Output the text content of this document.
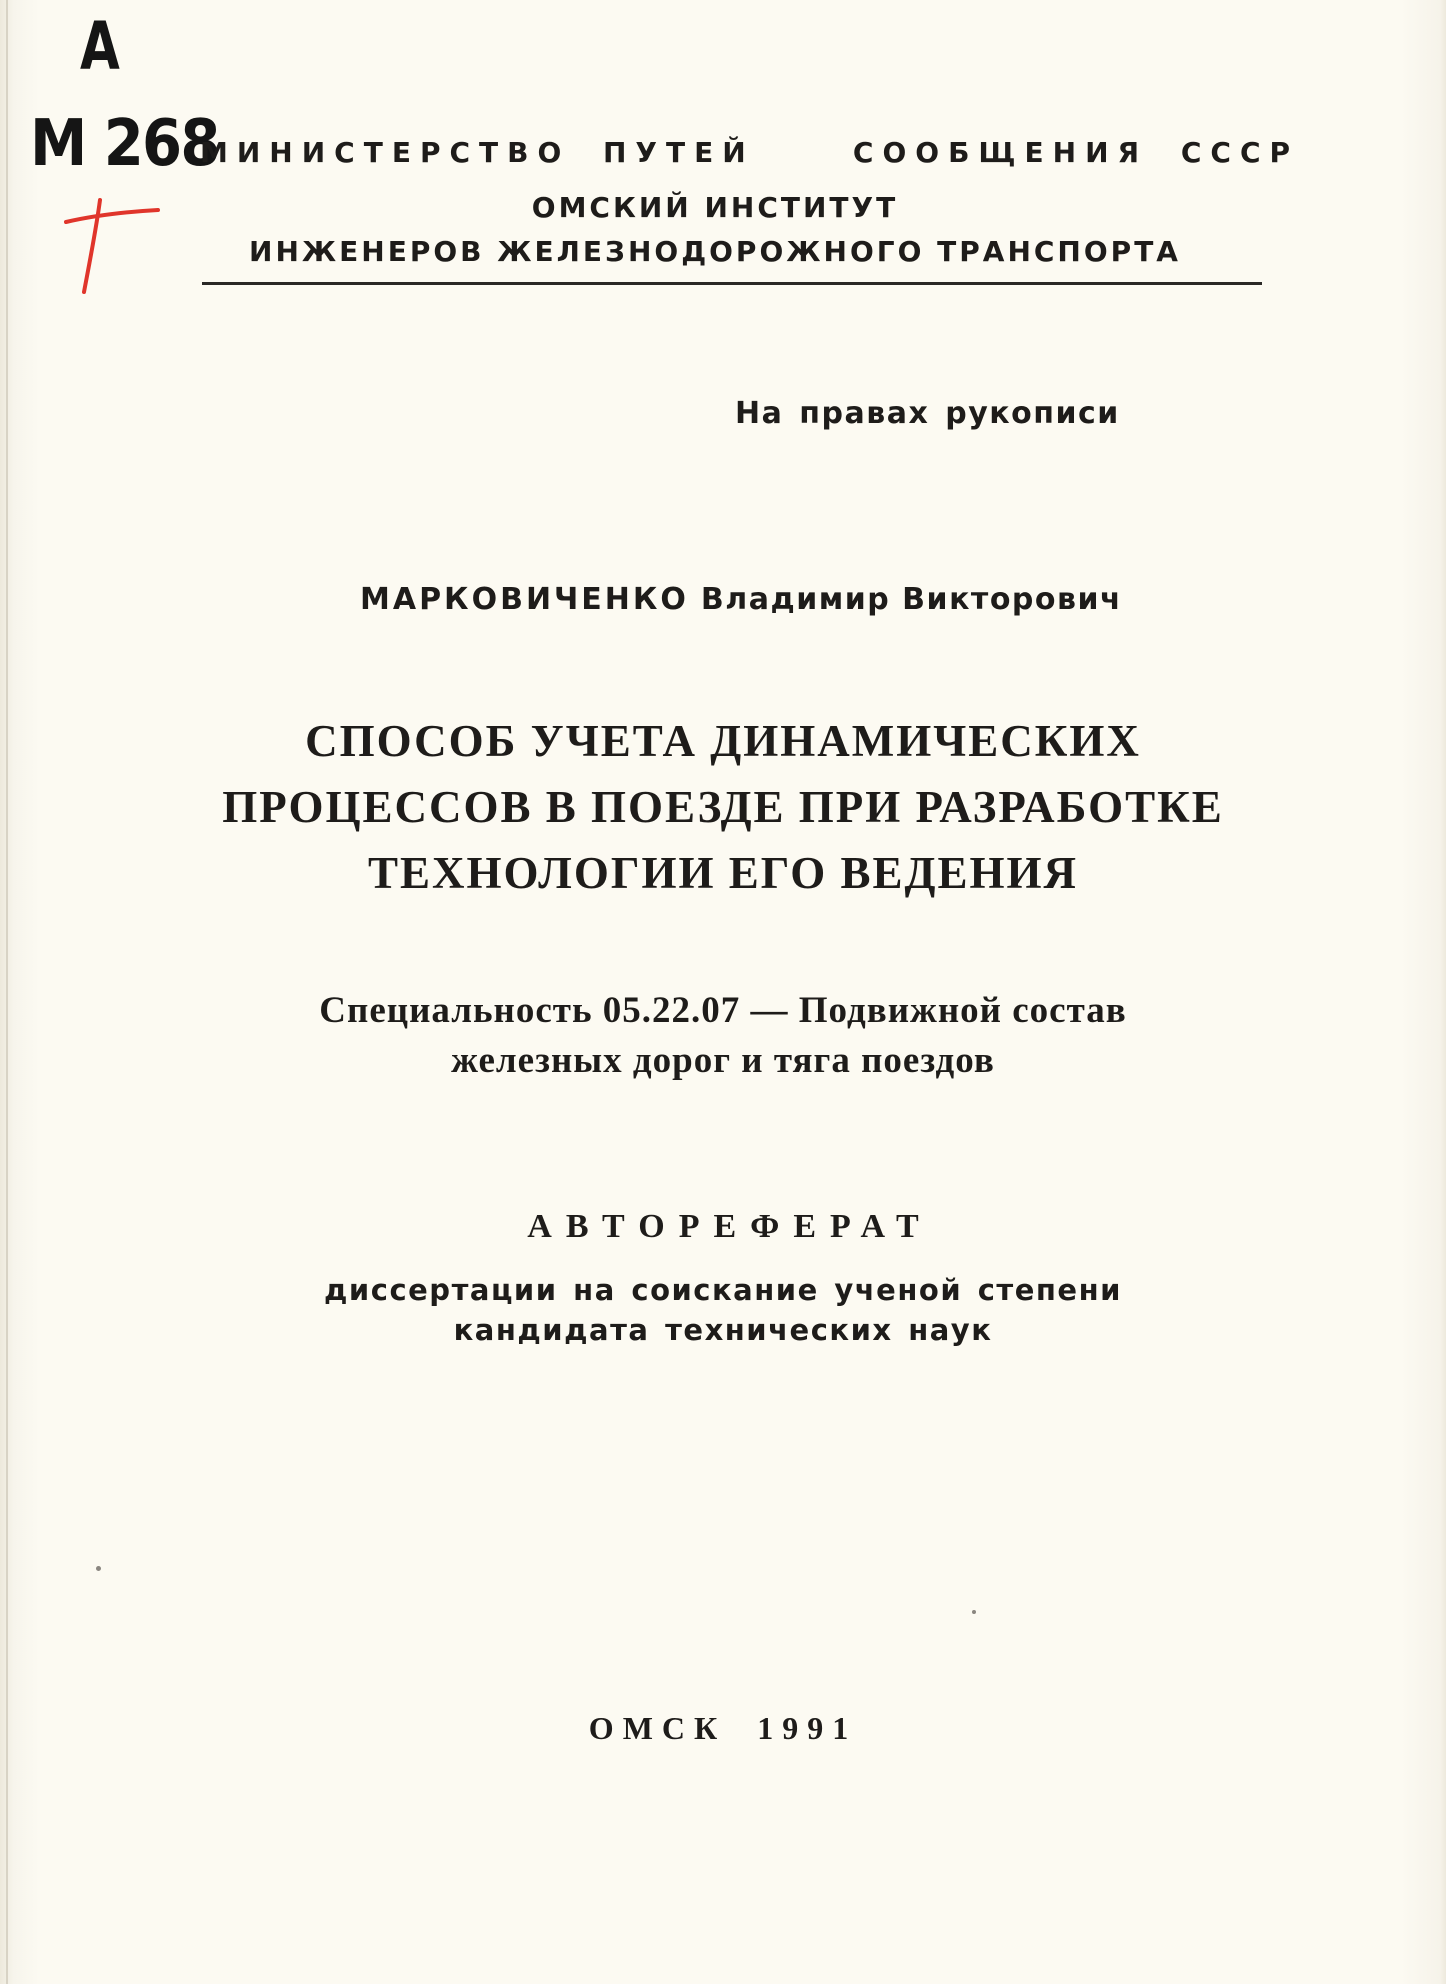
А
М 268
МИНИСТЕРСТВО ПУТЕЙ   СООБЩЕНИЯ СССР
ОМСКИЙ ИНСТИТУТ
ИНЖЕНЕРОВ ЖЕЛЕЗНОДОРОЖНОГО ТРАНСПОРТА
На правах рукописи
МАРКОВИЧЕНКО Владимир Викторович
СПОСОБ УЧЕТА ДИНАМИЧЕСКИХ
ПРОЦЕССОВ В ПОЕЗДЕ ПРИ РАЗРАБОТКЕ
ТЕХНОЛОГИИ ЕГО ВЕДЕНИЯ
Специальность 05.22.07 — Подвижной состав
железных дорог и тяга поездов
АВТОРЕФЕРАТ
диссертации на соискание ученой степени
кандидата технических наук
ОМСК 1991
